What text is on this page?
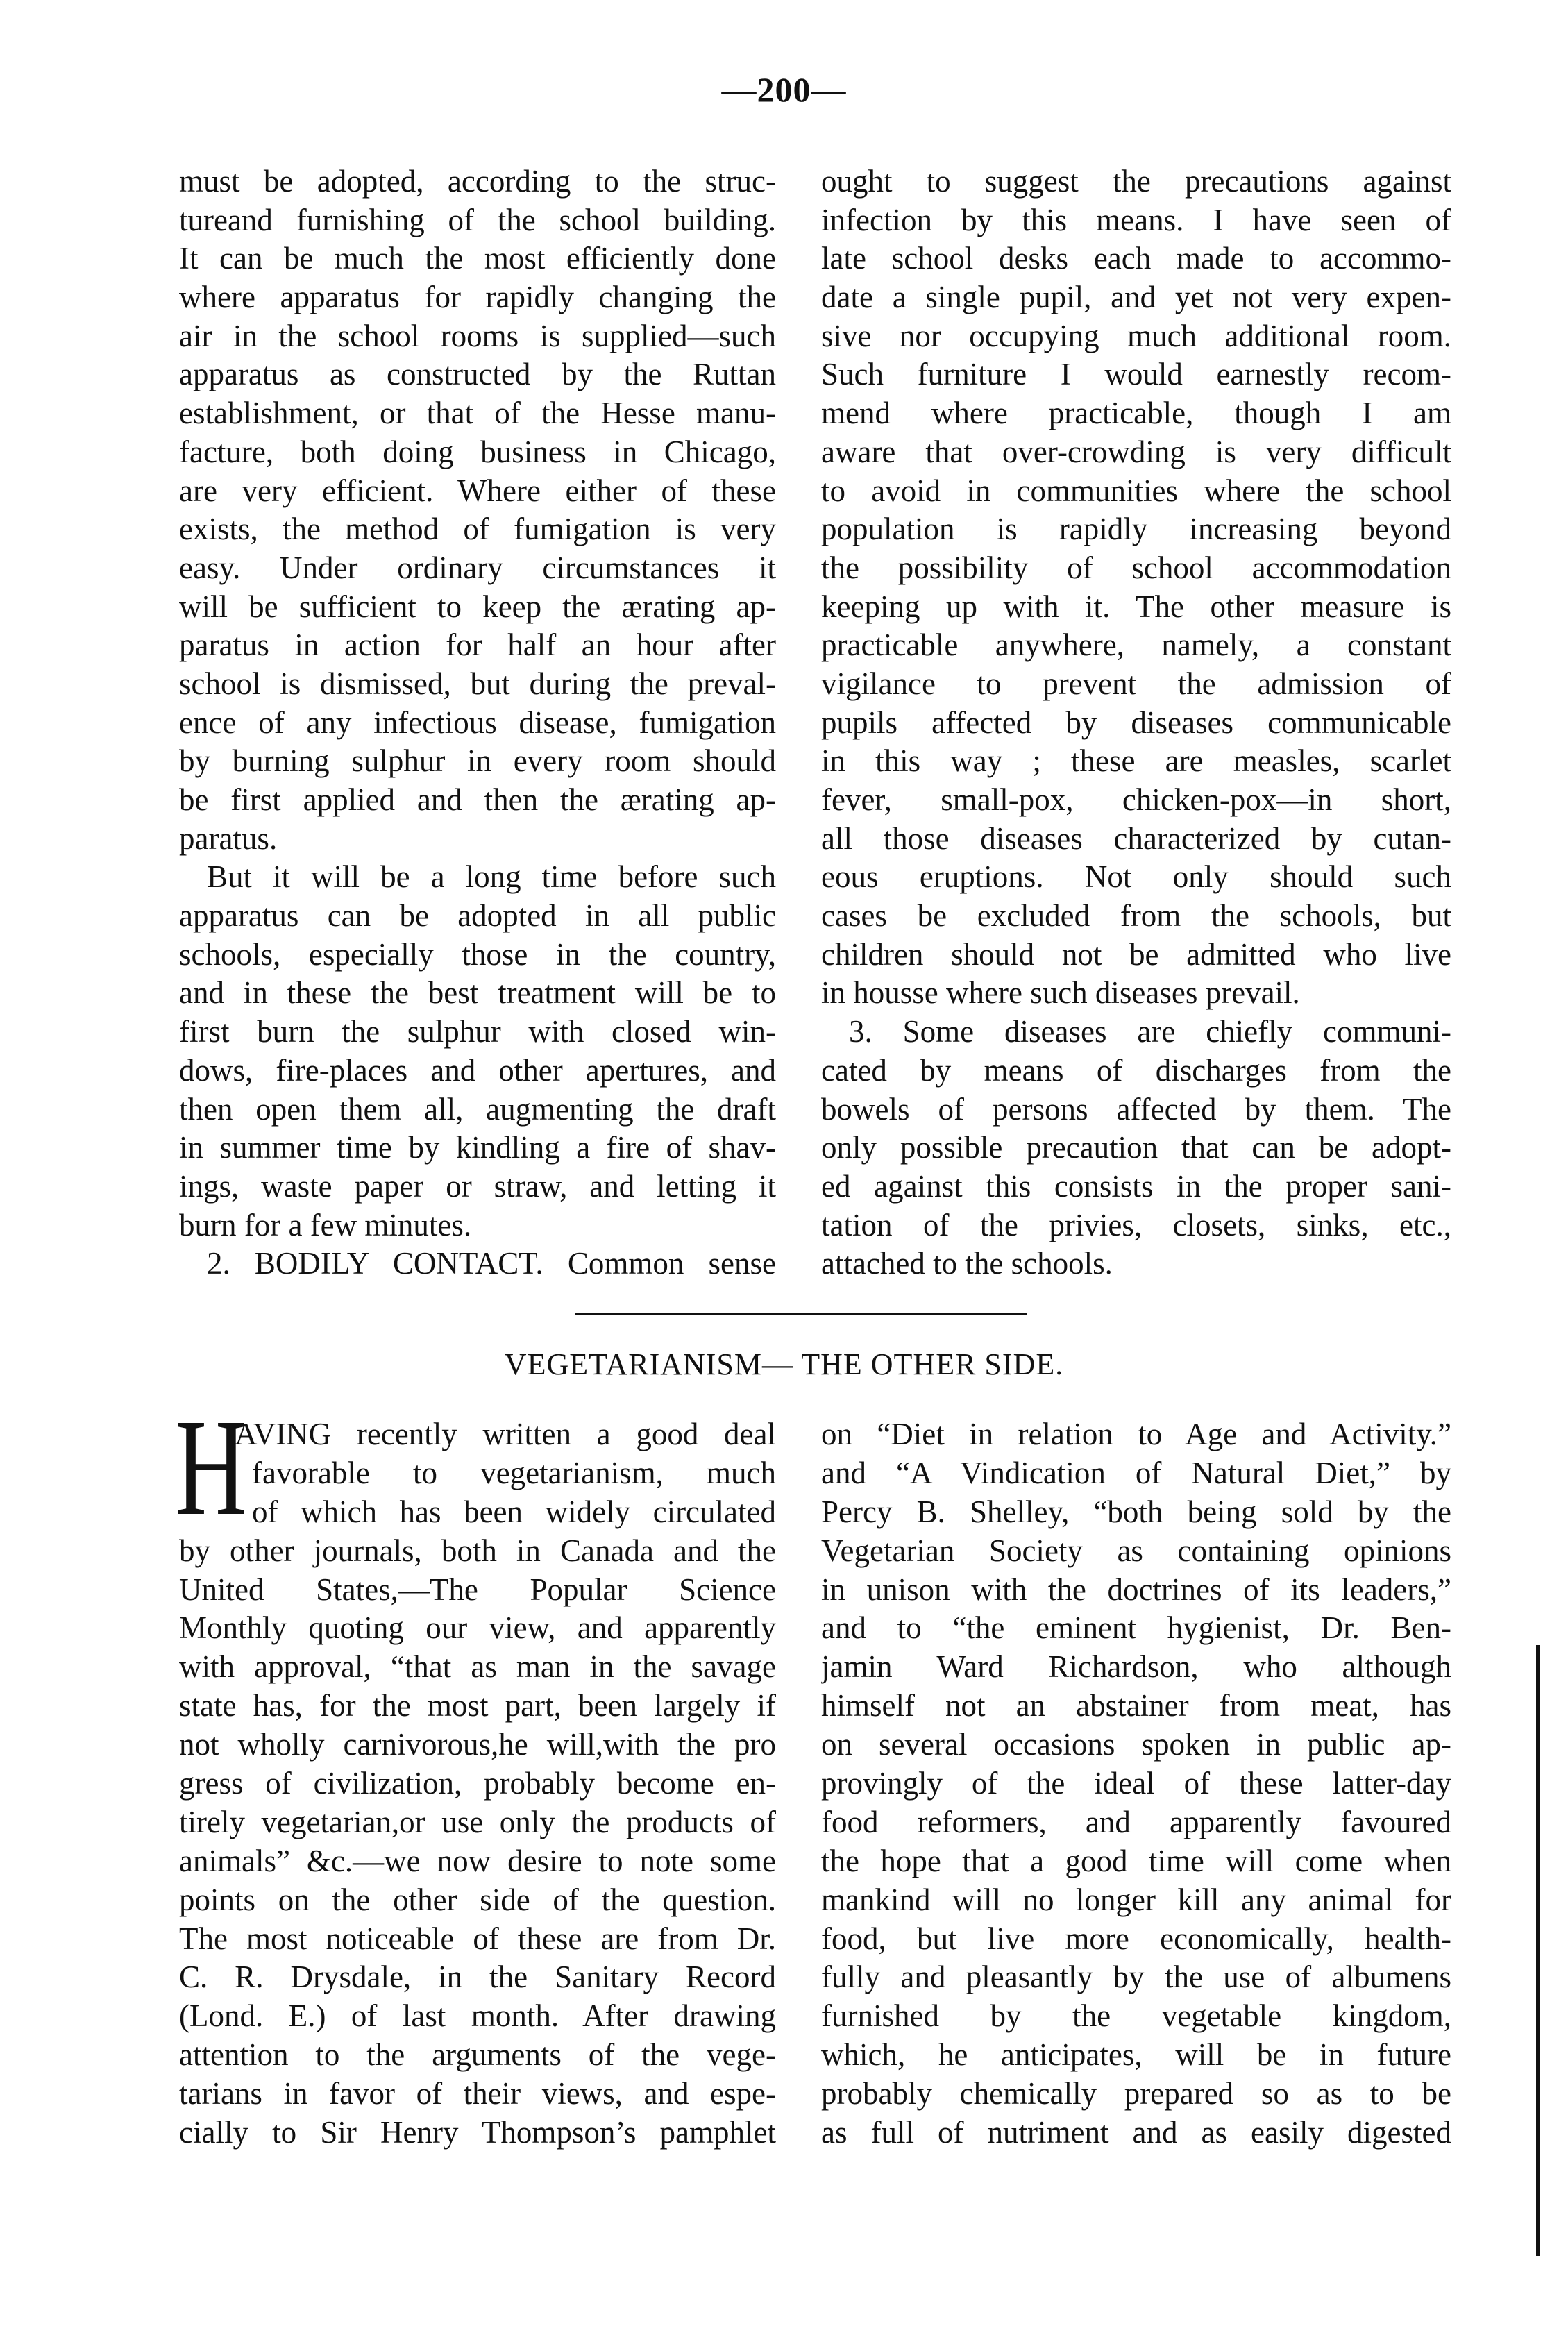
—200—
must be adopted, according to the struc-
tureand furnishing of the school building.
It can be much the most efficiently done
where apparatus for rapidly changing the
air in the school rooms is supplied—such
apparatus as constructed by the Ruttan
establishment, or that of the Hesse manu-
facture, both doing business in Chicago,
are very efficient. Where either of these
exists, the method of fumigation is very
easy. Under ordinary circumstances it
will be sufficient to keep the ærating ap-
paratus in action for half an hour after
school is dismissed, but during the preval-
ence of any infectious disease, fumigation
by burning sulphur in every room should
be first applied and then the ærating ap-
paratus.
But it will be a long time before such
apparatus can be adopted in all public
schools, especially those in the country,
and in these the best treatment will be to
first burn the sulphur with closed win-
dows, fire-places and other apertures, and
then open them all, augmenting the draft
in summer time by kindling a fire of shav-
ings, waste paper or straw, and letting it
burn for a few minutes.
2. BODILY CONTACT. Common sense
ought to suggest the precautions against
infection by this means. I have seen of
late school desks each made to accommo-
date a single pupil, and yet not very expen-
sive nor occupying much additional room.
Such furniture I would earnestly recom-
mend where practicable, though I am
aware that over-crowding is very difficult
to avoid in communities where the school
population is rapidly increasing beyond
the possibility of school accommodation
keeping up with it. The other measure is
practicable anywhere, namely, a constant
vigilance to prevent the admission of
pupils affected by diseases communicable
in this way ; these are measles, scarlet
fever, small-pox, chicken-pox—in short,
all those diseases characterized by cutan-
eous eruptions. Not only should such
cases be excluded from the schools, but
children should not be admitted who live
in housse where such diseases prevail.
3. Some diseases are chiefly communi-
cated by means of discharges from the
bowels of persons affected by them. The
only possible precaution that can be adopt-
ed against this consists in the proper sani-
tation of the privies, closets, sinks, etc.,
attached to the schools.
VEGETARIANISM— THE OTHER SIDE.
H
AVING recently written a good deal
favorable to vegetarianism, much
of which has been widely circulated
by other journals, both in Canada and the
United States,—The Popular Science
Monthly quoting our view, and apparently
with approval, “that as man in the savage
state has, for the most part, been largely if
not wholly carnivorous,he will,with the pro
gress of civilization, probably become en-
tirely vegetarian,or use only the products of
animals” &c.—we now desire to note some
points on the other side of the question.
The most noticeable of these are from Dr.
C. R. Drysdale, in the Sanitary Record
(Lond. E.) of last month. After drawing
attention to the arguments of the vege-
tarians in favor of their views, and espe-
cially to Sir Henry Thompson’s pamphlet
on “Diet in relation to Age and Activity.”
and “A Vindication of Natural Diet,” by
Percy B. Shelley, “both being sold by the
Vegetarian Society as containing opinions
in unison with the doctrines of its leaders,”
and to “the eminent hygienist, Dr. Ben-
jamin Ward Richardson, who although
himself not an abstainer from meat, has
on several occasions spoken in public ap-
provingly of the ideal of these latter-day
food reformers, and apparently favoured
the hope that a good time will come when
mankind will no longer kill any animal for
food, but live more economically, health-
fully and pleasantly by the use of albumens
furnished by the vegetable kingdom,
which, he anticipates, will be in future
probably chemically prepared so as to be
as full of nutriment and as easily digested
